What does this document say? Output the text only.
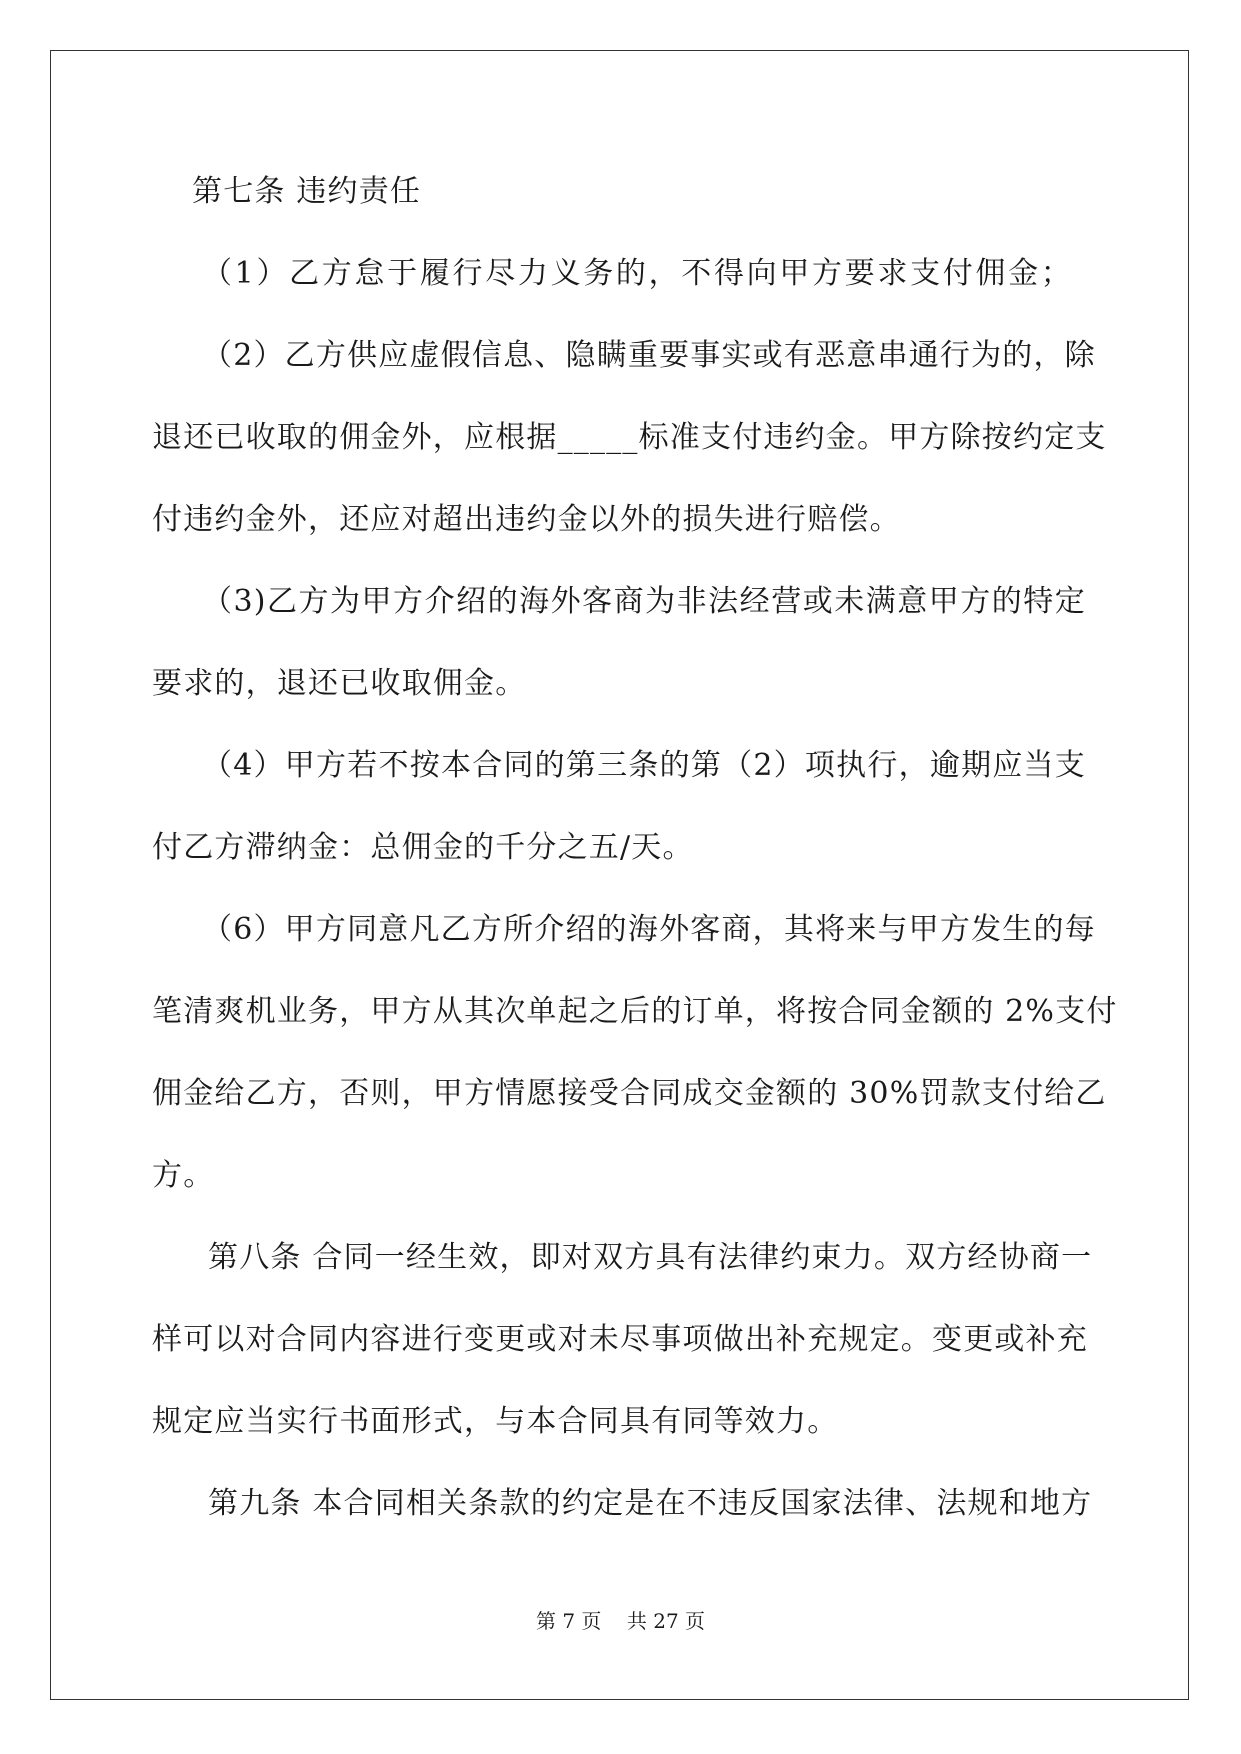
第七条 违约责任
（1）乙方怠于履行尽力义务的，不得向甲方要求支付佣金；
（2）乙方供应虚假信息、隐瞒重要事实或有恶意串通行为的，除
退还已收取的佣金外，应根据_____标准支付违约金。甲方除按约定支
付违约金外，还应对超出违约金以外的损失进行赔偿。
（3)乙方为甲方介绍的海外客商为非法经营或未满意甲方的特定
要求的，退还已收取佣金。
（4）甲方若不按本合同的第三条的第（2）项执行，逾期应当支
付乙方滞纳金：总佣金的千分之五/天。
（6）甲方同意凡乙方所介绍的海外客商，其将来与甲方发生的每
笔清爽机业务，甲方从其次单起之后的订单，将按合同金额的 2%支付
佣金给乙方，否则，甲方情愿接受合同成交金额的 30%罚款支付给乙
方。
第八条 合同一经生效，即对双方具有法律约束力。双方经协商一
样可以对合同内容进行变更或对未尽事项做出补充规定。变更或补充
规定应当实行书面形式，与本合同具有同等效力。
第九条 本合同相关条款的约定是在不违反国家法律、法规和地方
第 7 页 共 27 页
